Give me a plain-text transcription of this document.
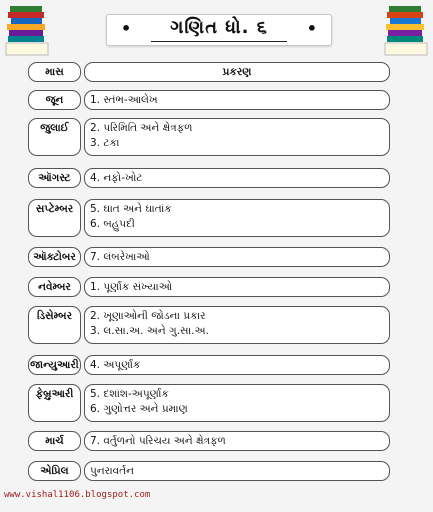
•	ગણિત ધો. ૬	•
માસ	પ્રકરણ
જૂન	1. સ્તંભ-આલેખ
જુલાઈ	2. પરિમિતિ અને ક્ષેત્રફળ
3. ટકા
ઑગસ્ટ	4. નફો-ખોટ
સપ્ટેમ્બર	5. ઘાત અને ઘાતાંક
6. બહુપદી
ઑક્ટોબર	7. લંબરેખાઓ
નવેમ્બર	1. પૂર્ણાંક સંખ્યાઓ
ડિસેમ્બર	2. ખૂણાઓની જોડના પ્રકાર
3. લ.સા.અ. અને ગુ.સા.અ.
જાન્યુઆરી	4. અપૂર્ણાંક
ફેબ્રુઆરી	5. દશાંશ-અપૂર્ણાંક
6. ગુણોત્તર અને પ્રમાણ
માર્ચ	7. વર્તુળનો પરિચય અને ક્ષેત્રફળ
એપ્રિલ	પુનરાવર્તન
www.vishal1106.blogspot.com
